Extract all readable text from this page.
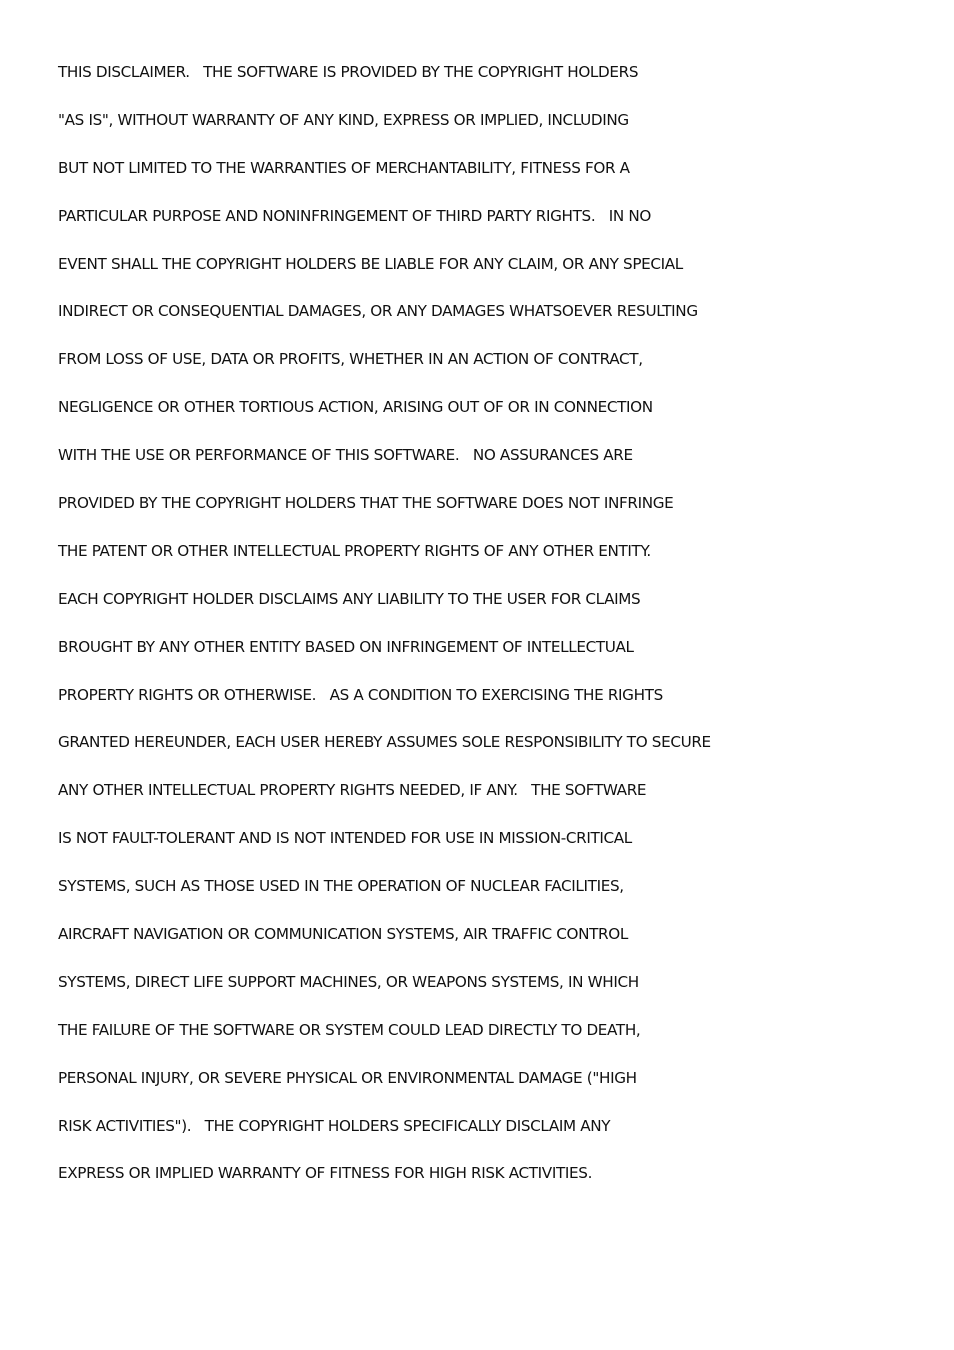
THIS DISCLAIMER.   THE SOFTWARE IS PROVIDED BY THE COPYRIGHT HOLDERS
"AS IS", WITHOUT WARRANTY OF ANY KIND, EXPRESS OR IMPLIED, INCLUDING
BUT NOT LIMITED TO THE WARRANTIES OF MERCHANTABILITY, FITNESS FOR A
PARTICULAR PURPOSE AND NONINFRINGEMENT OF THIRD PARTY RIGHTS.   IN NO
EVENT SHALL THE COPYRIGHT HOLDERS BE LIABLE FOR ANY CLAIM, OR ANY SPECIAL
INDIRECT OR CONSEQUENTIAL DAMAGES, OR ANY DAMAGES WHATSOEVER RESULTING
FROM LOSS OF USE, DATA OR PROFITS, WHETHER IN AN ACTION OF CONTRACT,
NEGLIGENCE OR OTHER TORTIOUS ACTION, ARISING OUT OF OR IN CONNECTION
WITH THE USE OR PERFORMANCE OF THIS SOFTWARE.   NO ASSURANCES ARE
PROVIDED BY THE COPYRIGHT HOLDERS THAT THE SOFTWARE DOES NOT INFRINGE
THE PATENT OR OTHER INTELLECTUAL PROPERTY RIGHTS OF ANY OTHER ENTITY.
EACH COPYRIGHT HOLDER DISCLAIMS ANY LIABILITY TO THE USER FOR CLAIMS
BROUGHT BY ANY OTHER ENTITY BASED ON INFRINGEMENT OF INTELLECTUAL
PROPERTY RIGHTS OR OTHERWISE.   AS A CONDITION TO EXERCISING THE RIGHTS
GRANTED HEREUNDER, EACH USER HEREBY ASSUMES SOLE RESPONSIBILITY TO SECURE
ANY OTHER INTELLECTUAL PROPERTY RIGHTS NEEDED, IF ANY.   THE SOFTWARE
IS NOT FAULT-TOLERANT AND IS NOT INTENDED FOR USE IN MISSION-CRITICAL
SYSTEMS, SUCH AS THOSE USED IN THE OPERATION OF NUCLEAR FACILITIES,
AIRCRAFT NAVIGATION OR COMMUNICATION SYSTEMS, AIR TRAFFIC CONTROL
SYSTEMS, DIRECT LIFE SUPPORT MACHINES, OR WEAPONS SYSTEMS, IN WHICH
THE FAILURE OF THE SOFTWARE OR SYSTEM COULD LEAD DIRECTLY TO DEATH,
PERSONAL INJURY, OR SEVERE PHYSICAL OR ENVIRONMENTAL DAMAGE ("HIGH
RISK ACTIVITIES").   THE COPYRIGHT HOLDERS SPECIFICALLY DISCLAIM ANY
EXPRESS OR IMPLIED WARRANTY OF FITNESS FOR HIGH RISK ACTIVITIES.
